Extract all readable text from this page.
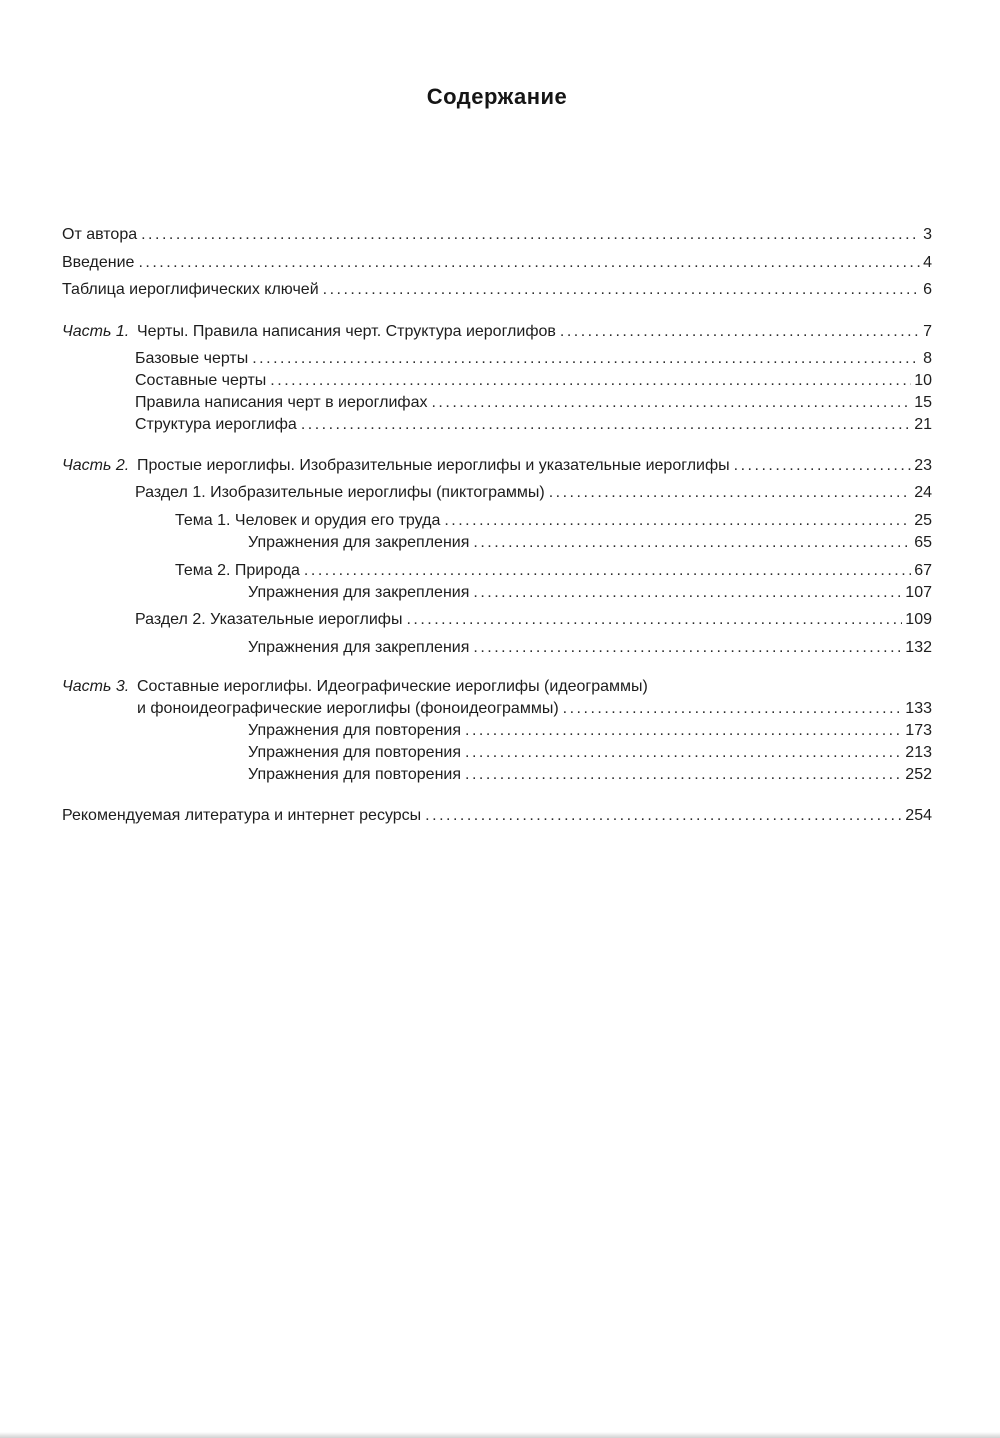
Содержание
От автора .....	3
Введение .....	4
Таблица иероглифических ключей .....	6
Часть 1. Черты. Правила написания черт. Структура иероглифов .....	7
Базовые черты .....	8
Составные черты .....	10
Правила написания черт в иероглифах .....	15
Структура иероглифа .....	21
Часть 2. Простые иероглифы. Изобразительные иероглифы и указательные иероглифы .....	23
Раздел 1. Изобразительные иероглифы (пиктограммы) .....	24
Тема 1. Человек и орудия его труда .....	25
Упражнения для закрепления .....	65
Тема 2. Природа .....	67
Упражнения для закрепления .....	107
Раздел 2. Указательные иероглифы .....	109
Упражнения для закрепления .....	132
Часть 3. Составные иероглифы. Идеографические иероглифы (идеограммы)
и фоноидеографические иероглифы (фоноидеограммы) .....	133
Упражнения для повторения .....	173
Упражнения для повторения .....	213
Упражнения для повторения .....	252
Рекомендуемая литература и интернет ресурсы .....	254
